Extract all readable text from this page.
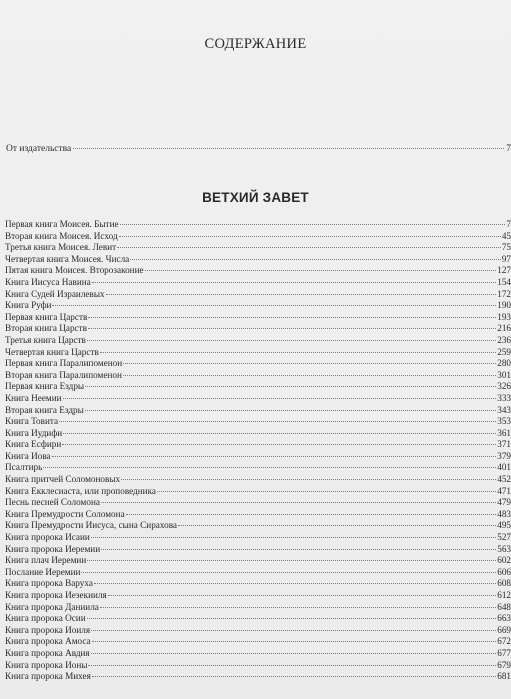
СОДЕРЖАНИЕ
От издательства	7
ВЕТХИЙ ЗАВЕТ
Первая книга Моисея. Бытие	7
Вторая книга Моисея. Исход	45
Третья книга Моисея. Левит	75
Четвертая книга Моисея. Числа	97
Пятая книга Моисея. Второзаконие	127
Книга Иисуса Навина	154
Книга Судей Израилевых	172
Книга Руфи	190
Первая книга Царств	193
Вторая книга Царств	216
Третья книга Царств	236
Четвертая книга Царств	259
Первая книга Паралипоменон	280
Вторая книга Паралипоменон	301
Первая книга Ездры	326
Книга Неемии	333
Вторая книга Ездры	343
Книга Товита	353
Книга Иудифи	361
Книга Есфири	371
Книга Иова	379
Псалтирь	401
Книга притчей Соломоновых	452
Книга Екклесиаста, или проповедника	471
Песнь песней Соломона	479
Книга Премудрости Соломона	483
Книга Премудрости Иисуса, сына Сирахова	495
Книга пророка Исаии	527
Книга пророка Иеремии	563
Книга плач Иеремии	602
Послание Иеремии	606
Книга пророка Варуха	608
Книга пророка Иезекииля	612
Книга пророка Даниила	648
Книга пророка Осии	663
Книга пророка Иоиля	669
Книга пророка Амоса	672
Книга пророка Авдия	677
Книга пророка Ионы	679
Книга пророка Михея	681
